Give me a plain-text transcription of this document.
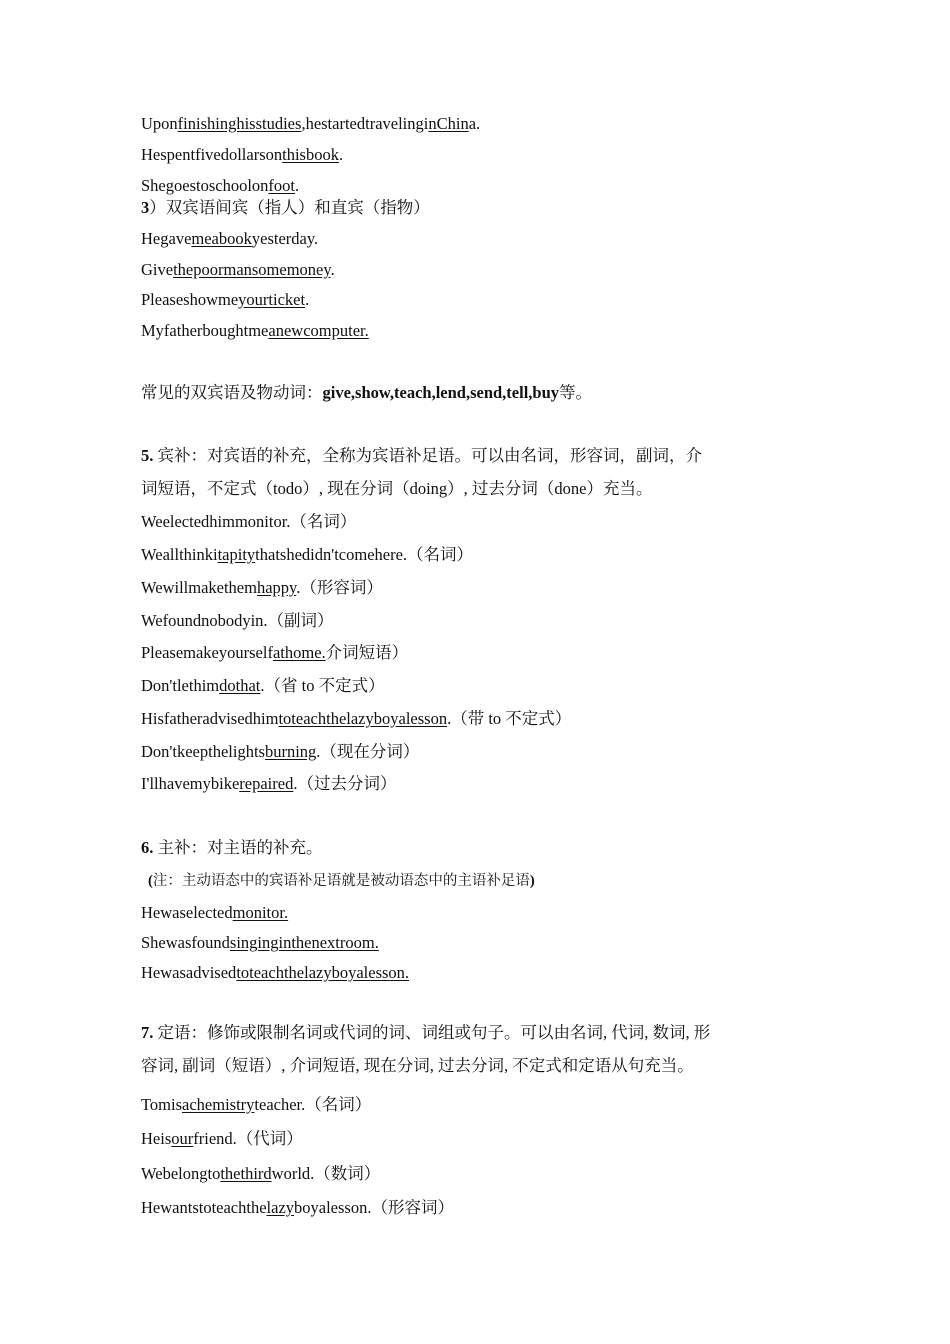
Uponfinishinghisstudies,hestartedtravelinginChina.
Hespentfivedollarsonthisbook.
Shegoestoschoolonfoot.
3）双宾语间宾（指人）和直宾（指物）
Hegavemeabookyesterday.
Givethepoormansomemoney.
Pleaseshowmeyourticket.
Myfatherboughtmeanewcomputer.
常见的双宾语及物动词：give,show,teach,lend,send,tell,buy等。
5. 宾补：对宾语的补充，全称为宾语补足语。可以由名词，形容词，副词，介
词短语，不定式（todo）, 现在分词（doing）, 过去分词（done）充当。
Weelectedhimmonitor.（名词）
Weallthinkitapitythatshedidn'tcomehere.（名词）
Wewillmakethemhappy.（形容词）
Wefoundnobodyin.（副词）
Pleasemakeyourselfathome.介词短语）
Don'tlethimdothat.（省 to 不定式）
Hisfatheradvisedhimtoteachthelazyboyalesson.（带 to 不定式）
Don'tkeepthelightsburning.（现在分词）
I'llhavemybikerepaired.（过去分词）
6. 主补：对主语的补充。
(注：主动语态中的宾语补足语就是被动语态中的主语补足语)
Hewaselectedmonitor.
Shewasfoundsinginginthenextroom.
Hewasadvisedtoteachthelazyboyalesson.
7. 定语：修饰或限制名词或代词的词、词组或句子。可以由名词, 代词, 数词, 形
容词, 副词（短语）, 介词短语, 现在分词, 过去分词, 不定式和定语从句充当。
Tomisachemistryteacher.（名词）
Heisourfriend.（代词）
Webelongtothethirdworld.（数词）
Hewantstoteachthelazyboyalesson.（形容词）
